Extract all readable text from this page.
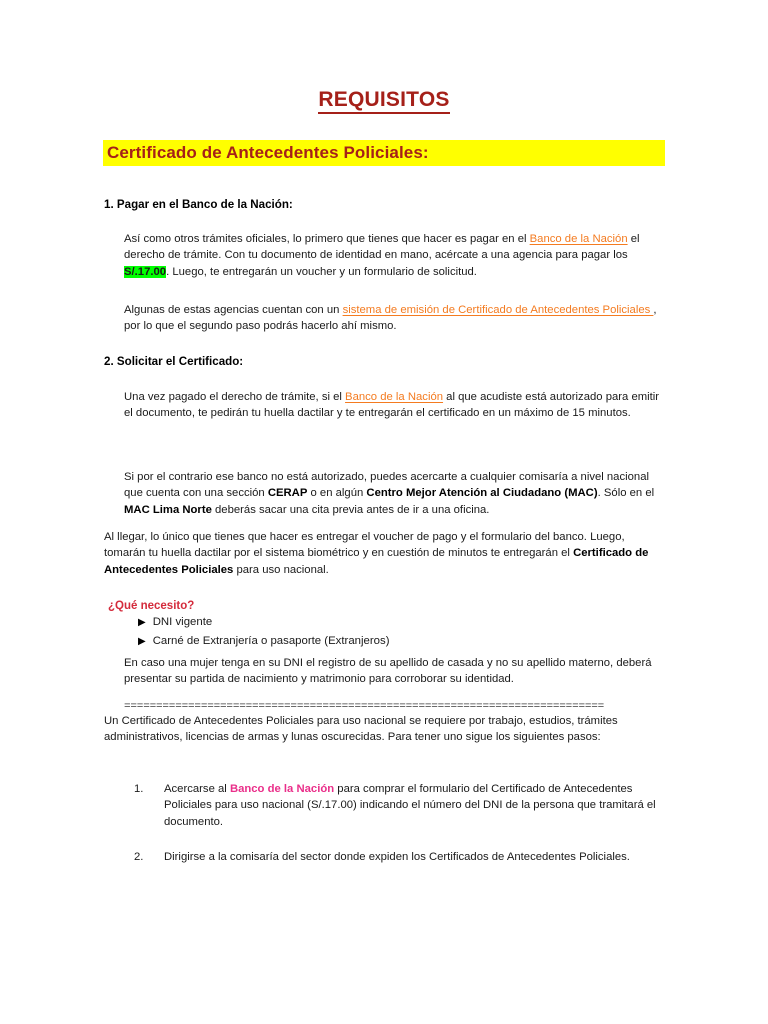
REQUISITOS
Certificado de Antecedentes Policiales:
1. Pagar en el Banco de la Nación:
Así como otros trámites oficiales, lo primero que tienes que hacer es pagar en el Banco de la Nación el derecho de trámite. Con tu documento de identidad en mano, acércate a una agencia para pagar los S/.17.00. Luego, te entregarán un voucher y un formulario de solicitud.
Algunas de estas agencias cuentan con un sistema de emisión de Certificado de Antecedentes Policiales , por lo que el segundo paso podrás hacerlo ahí mismo.
2. Solicitar el Certificado:
Una vez pagado el derecho de trámite, si el Banco de la Nación al que acudiste está autorizado para emitir el documento, te pedirán tu huella dactilar y te entregarán el certificado en un máximo de 15 minutos.
Si por el contrario ese banco no está autorizado, puedes acercarte a cualquier comisaría a nivel nacional que cuenta con una sección CERAP o en algún Centro Mejor Atención al Ciudadano (MAC). Sólo en el MAC Lima Norte deberás sacar una cita previa antes de ir a una oficina.
Al llegar, lo único que tienes que hacer es entregar el voucher de pago y el formulario del banco. Luego, tomarán tu huella dactilar por el sistema biométrico y en cuestión de minutos te entregarán el Certificado de Antecedentes Policiales para uso nacional.
¿Qué necesito?
▶ DNI vigente
▶ Carné de Extranjería o pasaporte (Extranjeros)
En caso una mujer tenga en su DNI el registro de su apellido de casada y no su apellido materno, deberá presentar su partida de nacimiento y matrimonio para corroborar su identidad.
===========================================================================
Un Certificado de Antecedentes Policiales para uso nacional se requiere por trabajo, estudios, trámites administrativos, licencias de armas y lunas oscurecidas. Para tener uno sigue los siguientes pasos:
1.	Acercarse al Banco de la Nación para comprar el formulario del Certificado de Antecedentes Policiales para uso nacional (S/.17.00) indicando el número del DNI de la persona que tramitará el documento.
2.	Dirigirse a la comisaría del sector donde expiden los Certificados de Antecedentes Policiales.
